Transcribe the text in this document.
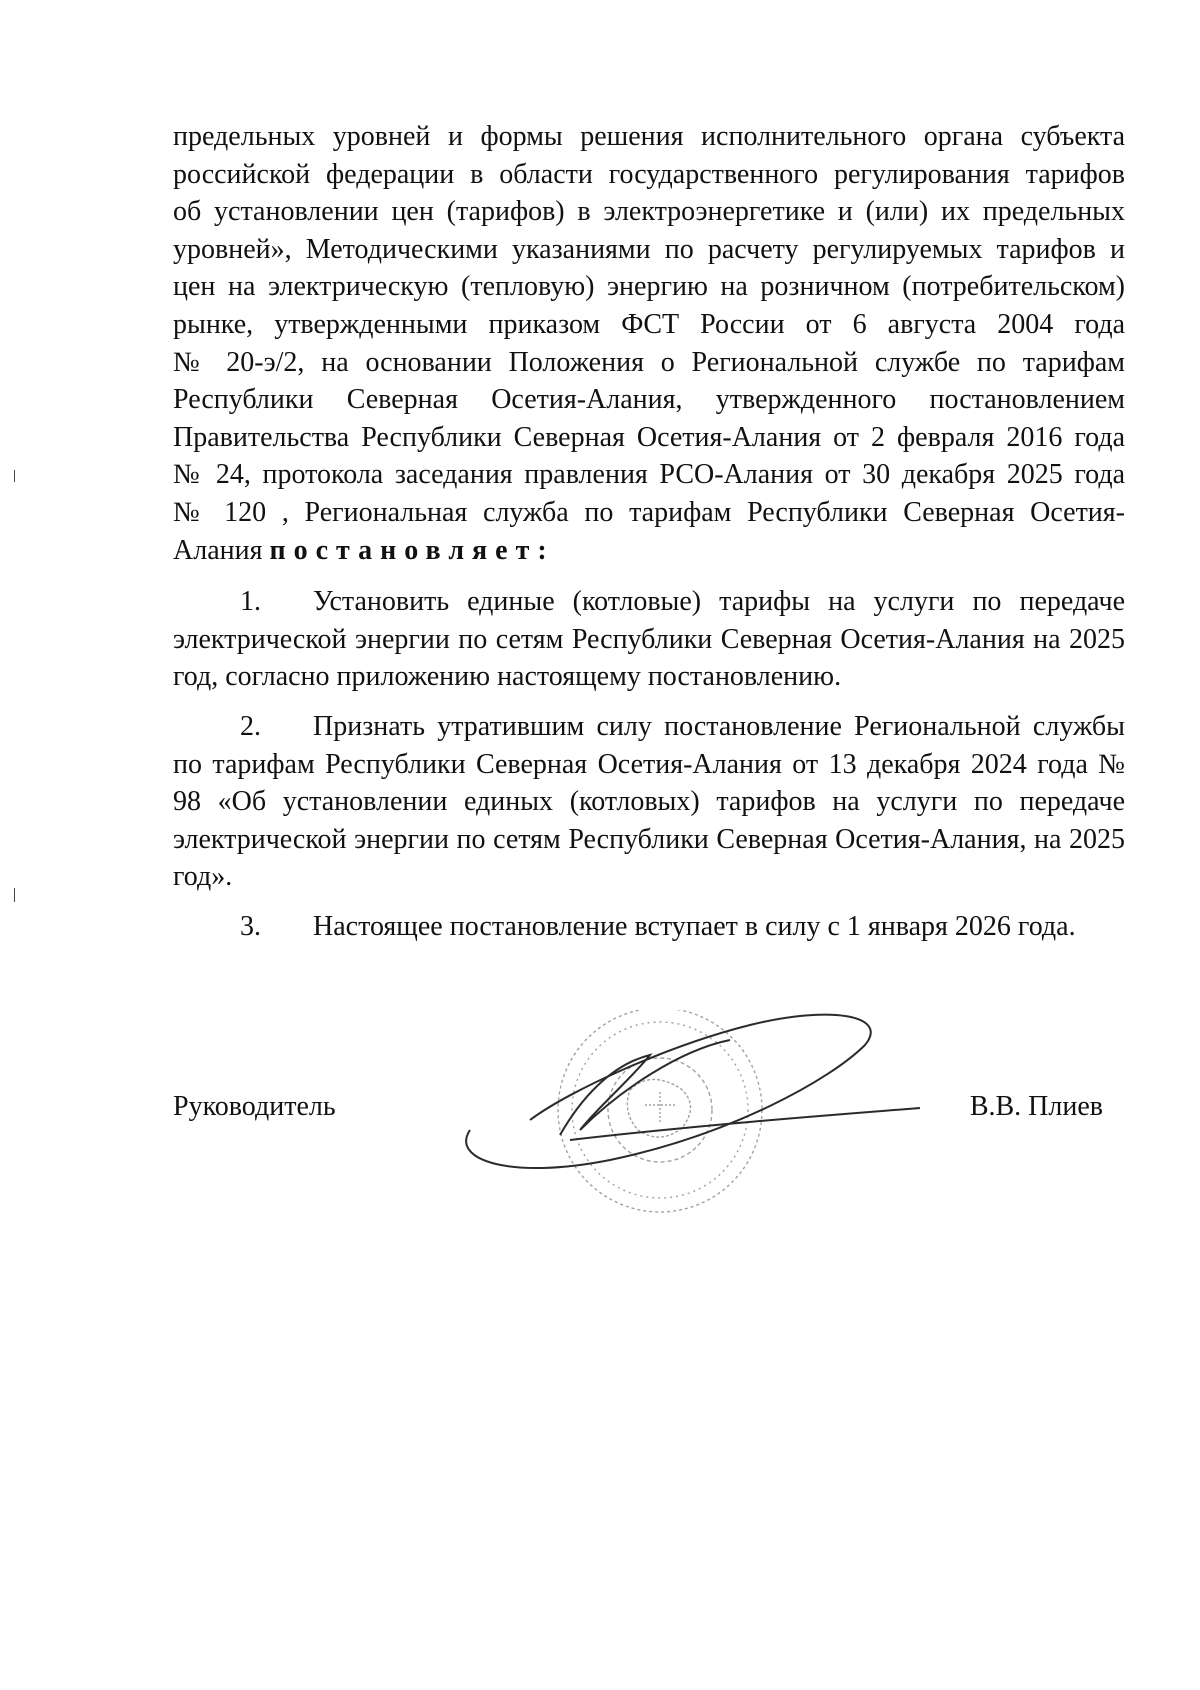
предельных уровней и формы решения исполнительного органа субъекта

российской федерации в области государственного регулирования тарифов

об установлении цен (тарифов) в электроэнергетике и (или) их предельных

уровней», Методическими указаниями по расчету регулируемых тарифов и

цен на электрическую (тепловую) энергию на розничном (потребительском)

рынке, утвержденными приказом ФСТ России от 6 августа 2004 года

№ 20-э/2, на основании Положения о Региональной службе по тарифам

Республики Северная Осетия-Алания, утвержденного постановлением

Правительства Республики Северная Осетия-Алания от 2 февраля 2016 года

№ 24, протокола заседания правления РСО-Алания от 30 декабря 2025 года

№ 120 , Региональная служба по тарифам Республики Северная Осетия-

Алания постановляет:

1. Установить единые (котловые) тарифы на услуги по передаче электрической энергии по сетям Республики Северная Осетия-Алания на 2025 год, согласно приложению настоящему постановлению.

2. Признать утратившим силу постановление Региональной службы по тарифам Республики Северная Осетия-Алания от 13 декабря 2024 года № 98 «Об установлении единых (котловых) тарифов на услуги по передаче электрической энергии по сетям Республики Северная Осетия-Алания, на 2025 год».

3. Настоящее постановление вступает в силу с 1 января 2026 года.

Руководитель	В.В. Плиев
